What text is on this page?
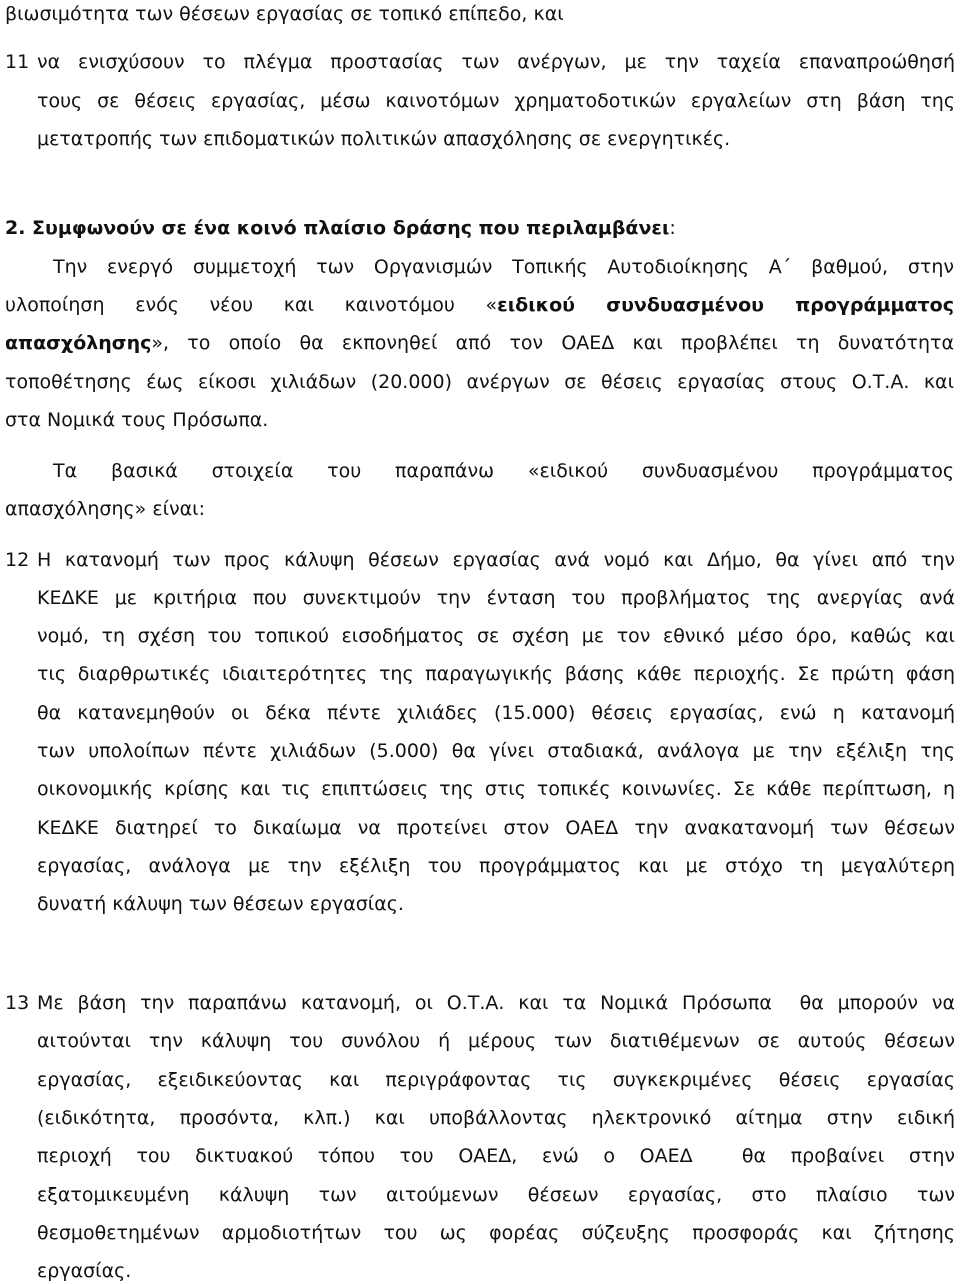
βιωσιμότητα των θέσεων εργασίας σε τοπικό επίπεδο, και

11 να ενισχύσουν το πλέγμα προστασίας των ανέργων, με την ταχεία επαναπροώθησή

τους σε θέσεις εργασίας, μέσω καινοτόμων χρηματοδοτικών εργαλείων στη βάση της

μετατροπής των επιδοματικών πολιτικών απασχόλησης σε ενεργητικές.

2. Συμφωνούν σε ένα κοινό πλαίσιο δράσης που περιλαμβάνει:

Την ενεργό συμμετοχή των Οργανισμών Τοπικής Αυτοδιοίκησης Α΄ βαθμού, στην

υλοποίηση ενός νέου και καινοτόμου «ειδικού συνδυασμένου προγράμματος

απασχόλησης», το οποίο θα εκπονηθεί από τον ΟΑΕΔ και προβλέπει τη δυνατότητα

τοποθέτησης έως είκοσι χιλιάδων (20.000) ανέργων σε θέσεις εργασίας στους Ο.Τ.Α. και

στα Νομικά τους Πρόσωπα.

Τα βασικά στοιχεία του παραπάνω «ειδικού συνδυασμένου προγράμματος

απασχόλησης» είναι:

12 Η κατανομή των προς κάλυψη θέσεων εργασίας ανά νομό και Δήμο, θα γίνει από την

ΚΕΔΚΕ με κριτήρια που συνεκτιμούν την ένταση του προβλήματος της ανεργίας ανά

νομό, τη σχέση του τοπικού εισοδήματος σε σχέση με τον εθνικό μέσο όρο, καθώς και

τις διαρθρωτικές ιδιαιτερότητες της παραγωγικής βάσης κάθε περιοχής. Σε πρώτη φάση

θα κατανεμηθούν οι δέκα πέντε χιλιάδες (15.000) θέσεις εργασίας, ενώ η κατανομή

των υπολοίπων πέντε χιλιάδων (5.000) θα γίνει σταδιακά, ανάλογα με την εξέλιξη της

οικονομικής κρίσης και τις επιπτώσεις της στις τοπικές κοινωνίες. Σε κάθε περίπτωση, η

ΚΕΔΚΕ διατηρεί το δικαίωμα να προτείνει στον ΟΑΕΔ την ανακατανομή των θέσεων

εργασίας, ανάλογα με την εξέλιξη του προγράμματος και με στόχο τη μεγαλύτερη

δυνατή κάλυψη των θέσεων εργασίας.

13 Με βάση την παραπάνω κατανομή, οι Ο.Τ.Α. και τα Νομικά Πρόσωπα  θα μπορούν να

αιτούνται την κάλυψη του συνόλου ή μέρους των διατιθέμενων σε αυτούς θέσεων

εργασίας, εξειδικεύοντας και περιγράφοντας τις συγκεκριμένες θέσεις εργασίας

(ειδικότητα, προσόντα, κλπ.) και υποβάλλοντας ηλεκτρονικό αίτημα στην ειδική

περιοχή του δικτυακού τόπου του ΟΑΕΔ, ενώ ο ΟΑΕΔ  θα προβαίνει στην

εξατομικευμένη κάλυψη των αιτούμενων θέσεων εργασίας, στο πλαίσιο των

θεσμοθετημένων αρμοδιοτήτων του ως φορέας σύζευξης προσφοράς και ζήτησης

εργασίας.
